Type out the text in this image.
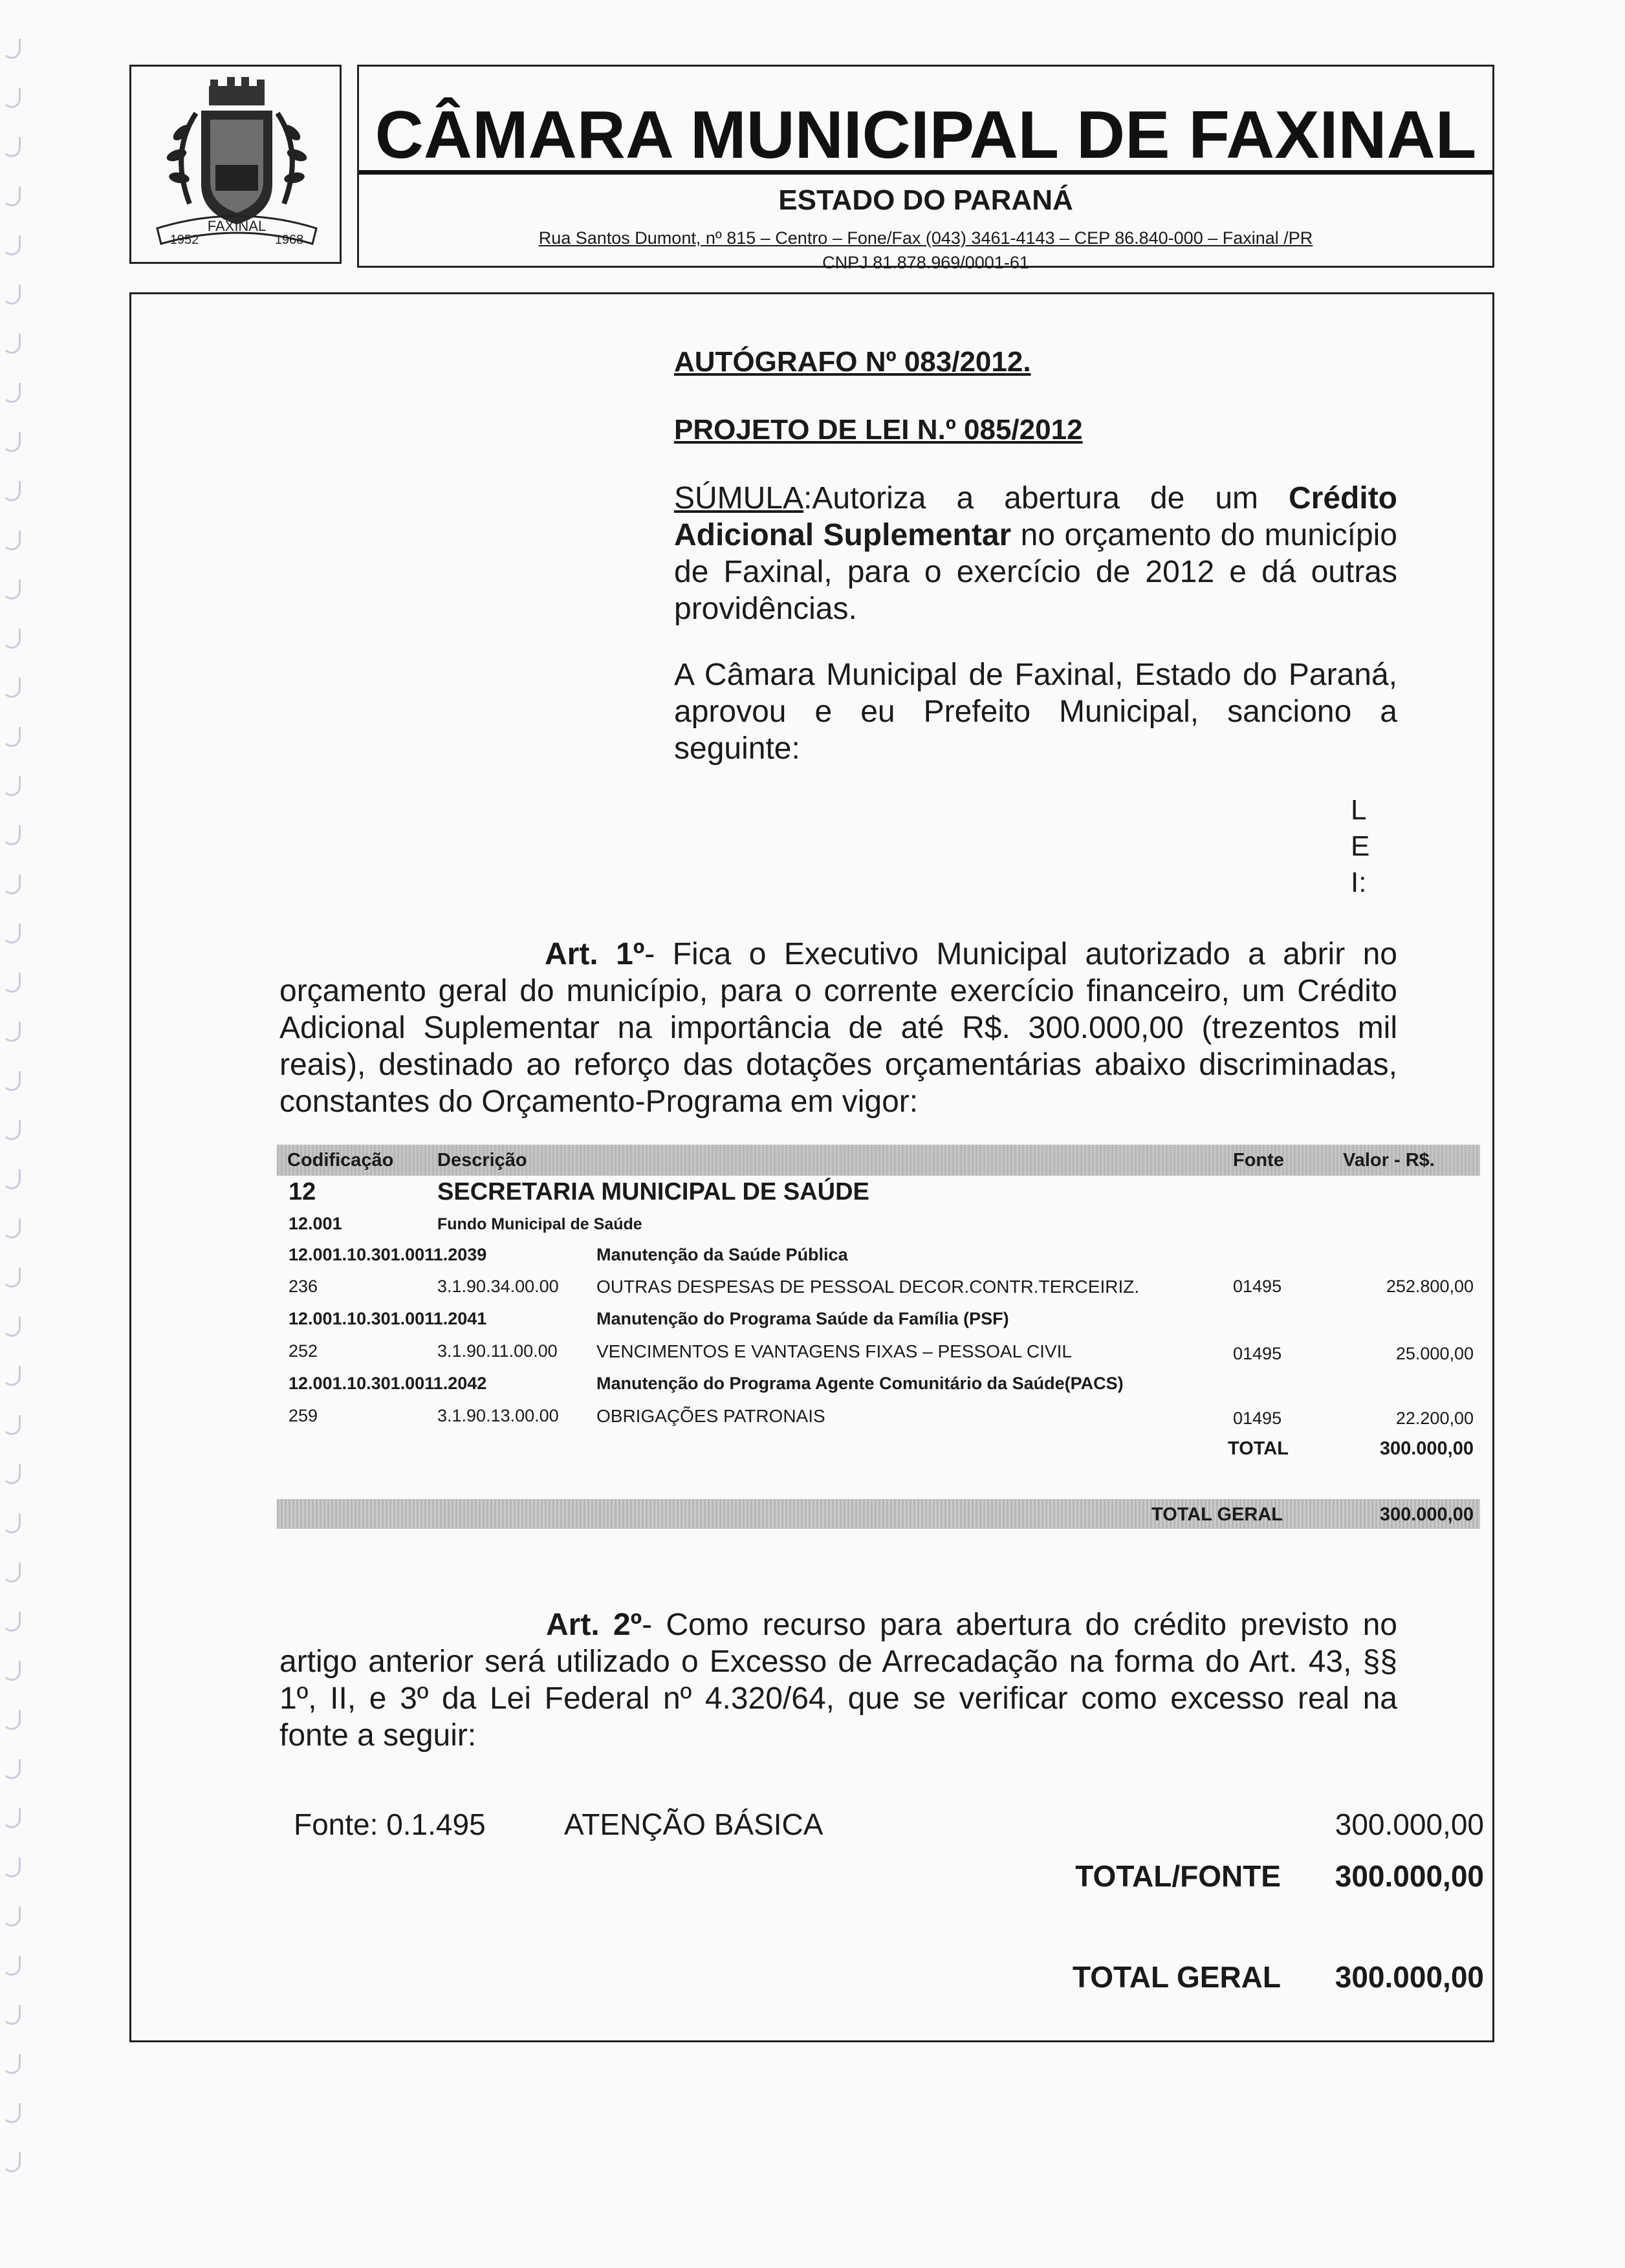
FAXINAL
1952	1968
CÂMARA MUNICIPAL DE FAXINAL
ESTADO DO PARANÁ
Rua Santos Dumont, nº 815 – Centro – Fone/Fax (043) 3461-4143 – CEP 86.840-000 – Faxinal /PR
CNPJ 81.878.969/0001-61
AUTÓGRAFO Nº 083/2012.
PROJETO DE LEI N.º 085/2012
SÚMULA:Autoriza a abertura de um Crédito Adicional Suplementar no orçamento do município de Faxinal, para o exercício de 2012 e dá outras providências.
A Câmara Municipal de Faxinal, Estado do Paraná, aprovou e eu Prefeito Municipal, sanciono a seguinte:
L
E
I:
Art. 1º- Fica o Executivo Municipal autorizado a abrir no orçamento geral do município, para o corrente exercício financeiro, um Crédito Adicional Suplementar na importância de até R$. 300.000,00 (trezentos mil reais), destinado ao reforço das dotações orçamentárias abaixo discriminadas, constantes do Orçamento-Programa em vigor:
Codificação Descrição	Fonte	Valor - R$.
12	SECRETARIA MUNICIPAL DE SAÚDE
12.001	Fundo Municipal de Saúde
12.001.10.301.0011.2039	Manutenção da Saúde Pública
236	3.1.90.34.00.00 OUTRAS DESPESAS DE PESSOAL DECOR.CONTR.TERCEIRIZ.	01495	252.800,00
12.001.10.301.0011.2041	Manutenção do Programa Saúde da Família (PSF)
252	3.1.90.11.00.00 VENCIMENTOS E VANTAGENS FIXAS – PESSOAL CIVIL	01495	25.000,00
12.001.10.301.0011.2042	Manutenção do Programa Agente Comunitário da Saúde(PACS)
259	3.1.90.13.00.00 OBRIGAÇÕES PATRONAIS	01495	22.200,00
TOTAL	300.000,00
TOTAL GERAL	300.000,00
Art. 2º- Como recurso para abertura do crédito previsto no artigo anterior será utilizado o Excesso de Arrecadação na forma do Art. 43, §§ 1º, II, e 3º da Lei Federal nº 4.320/64, que se verificar como excesso real na fonte a seguir:
Fonte: 0.1.495	ATENÇÃO BÁSICA	300.000,00
TOTAL/FONTE	300.000,00
TOTAL GERAL	300.000,00
